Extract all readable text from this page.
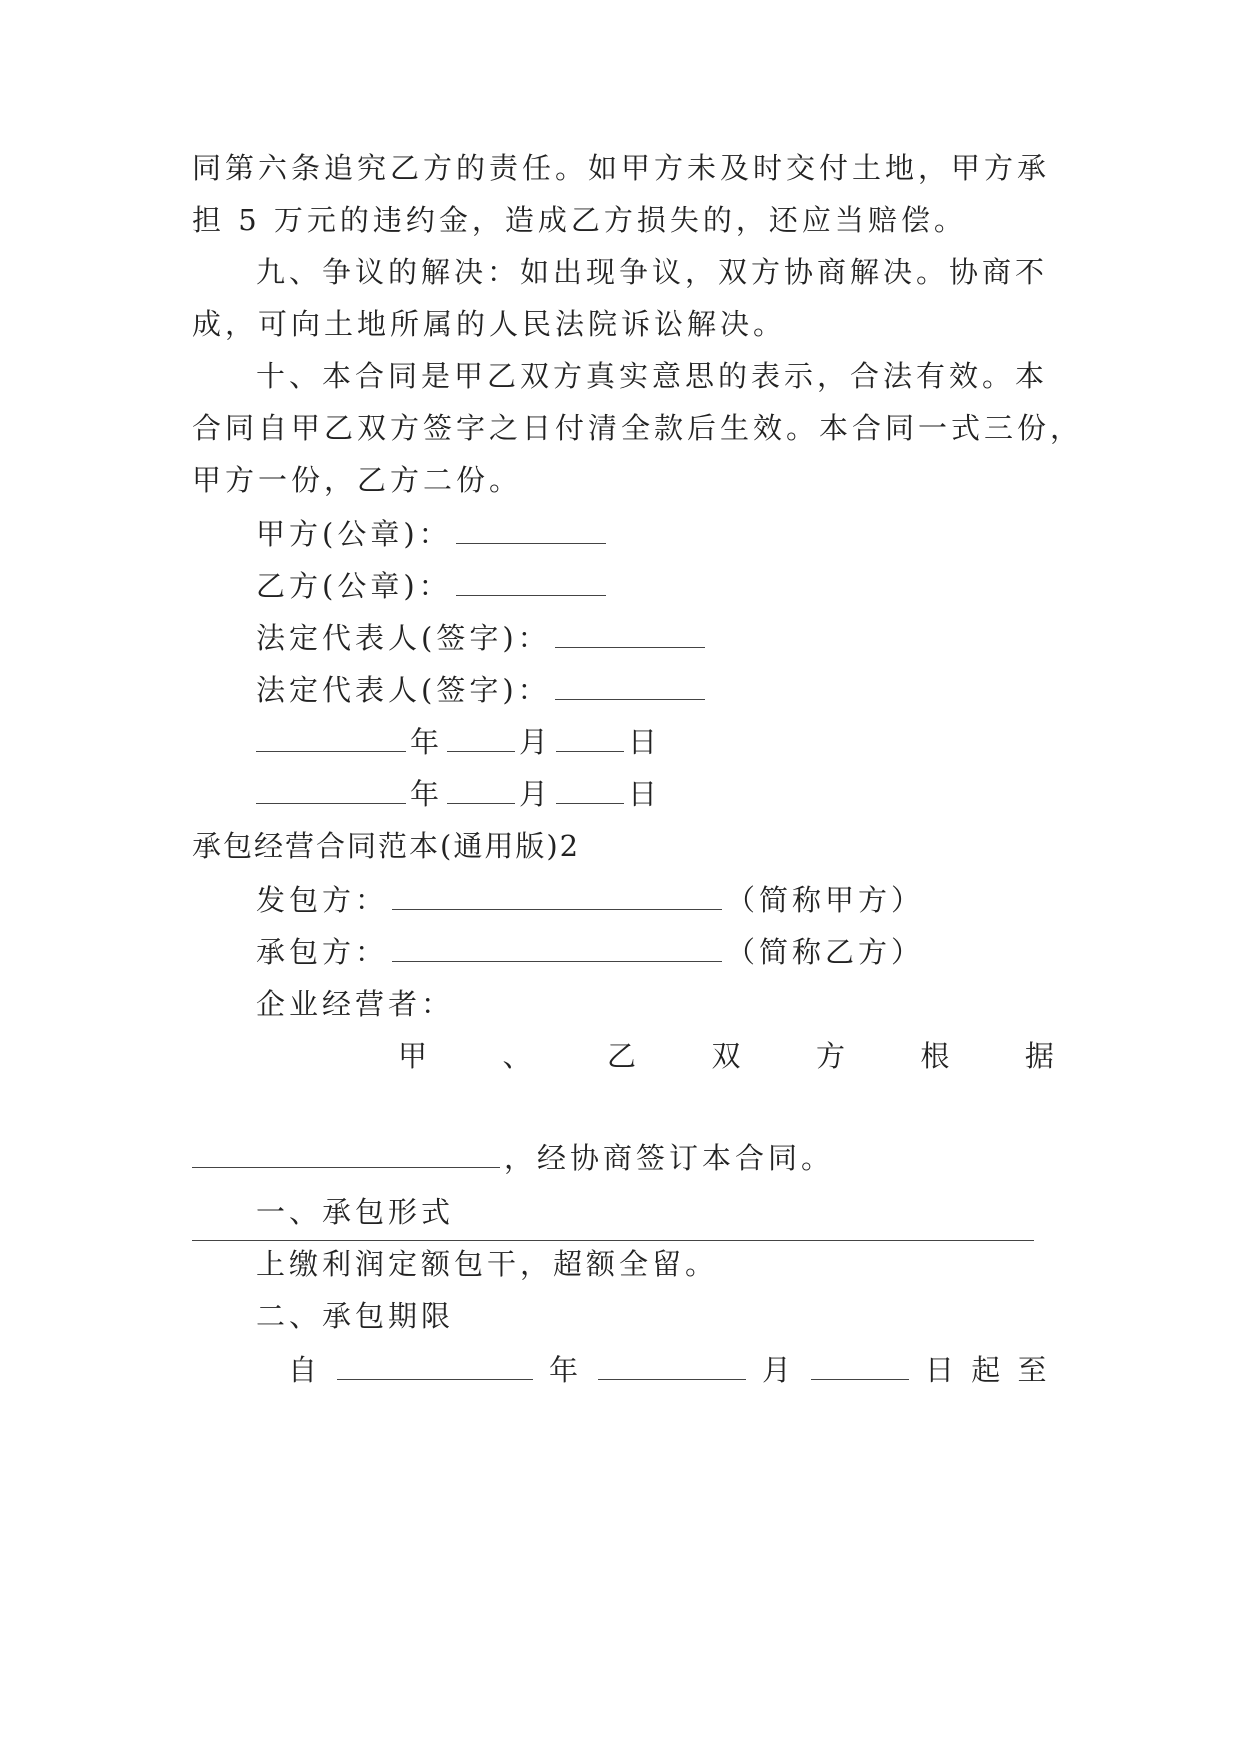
同第六条追究乙方的责任。如甲方未及时交付土地，甲方承
担 5 万元的违约金，造成乙方损失的，还应当赔偿。
九、争议的解决：如出现争议，双方协商解决。协商不
成，可向土地所属的人民法院诉讼解决。
十、本合同是甲乙双方真实意思的表示，合法有效。本
合同自甲乙双方签字之日付清全款后生效。本合同一式三份，
甲方一份，乙方二份。
甲方(公章)：
乙方(公章)：
法定代表人(签字)：
法定代表人(签字)：
年	月	日
年	月	日
承包经营合同范本(通用版)2
发包方：	（简称甲方）
承包方：	（简称乙方）
企业经营者：
甲	、	乙	双	方	根	据
，经协商签订本合同。
一、承包形式
上缴利润定额包干，超额全留。
二、承包期限
自	年	月	日 起 至
